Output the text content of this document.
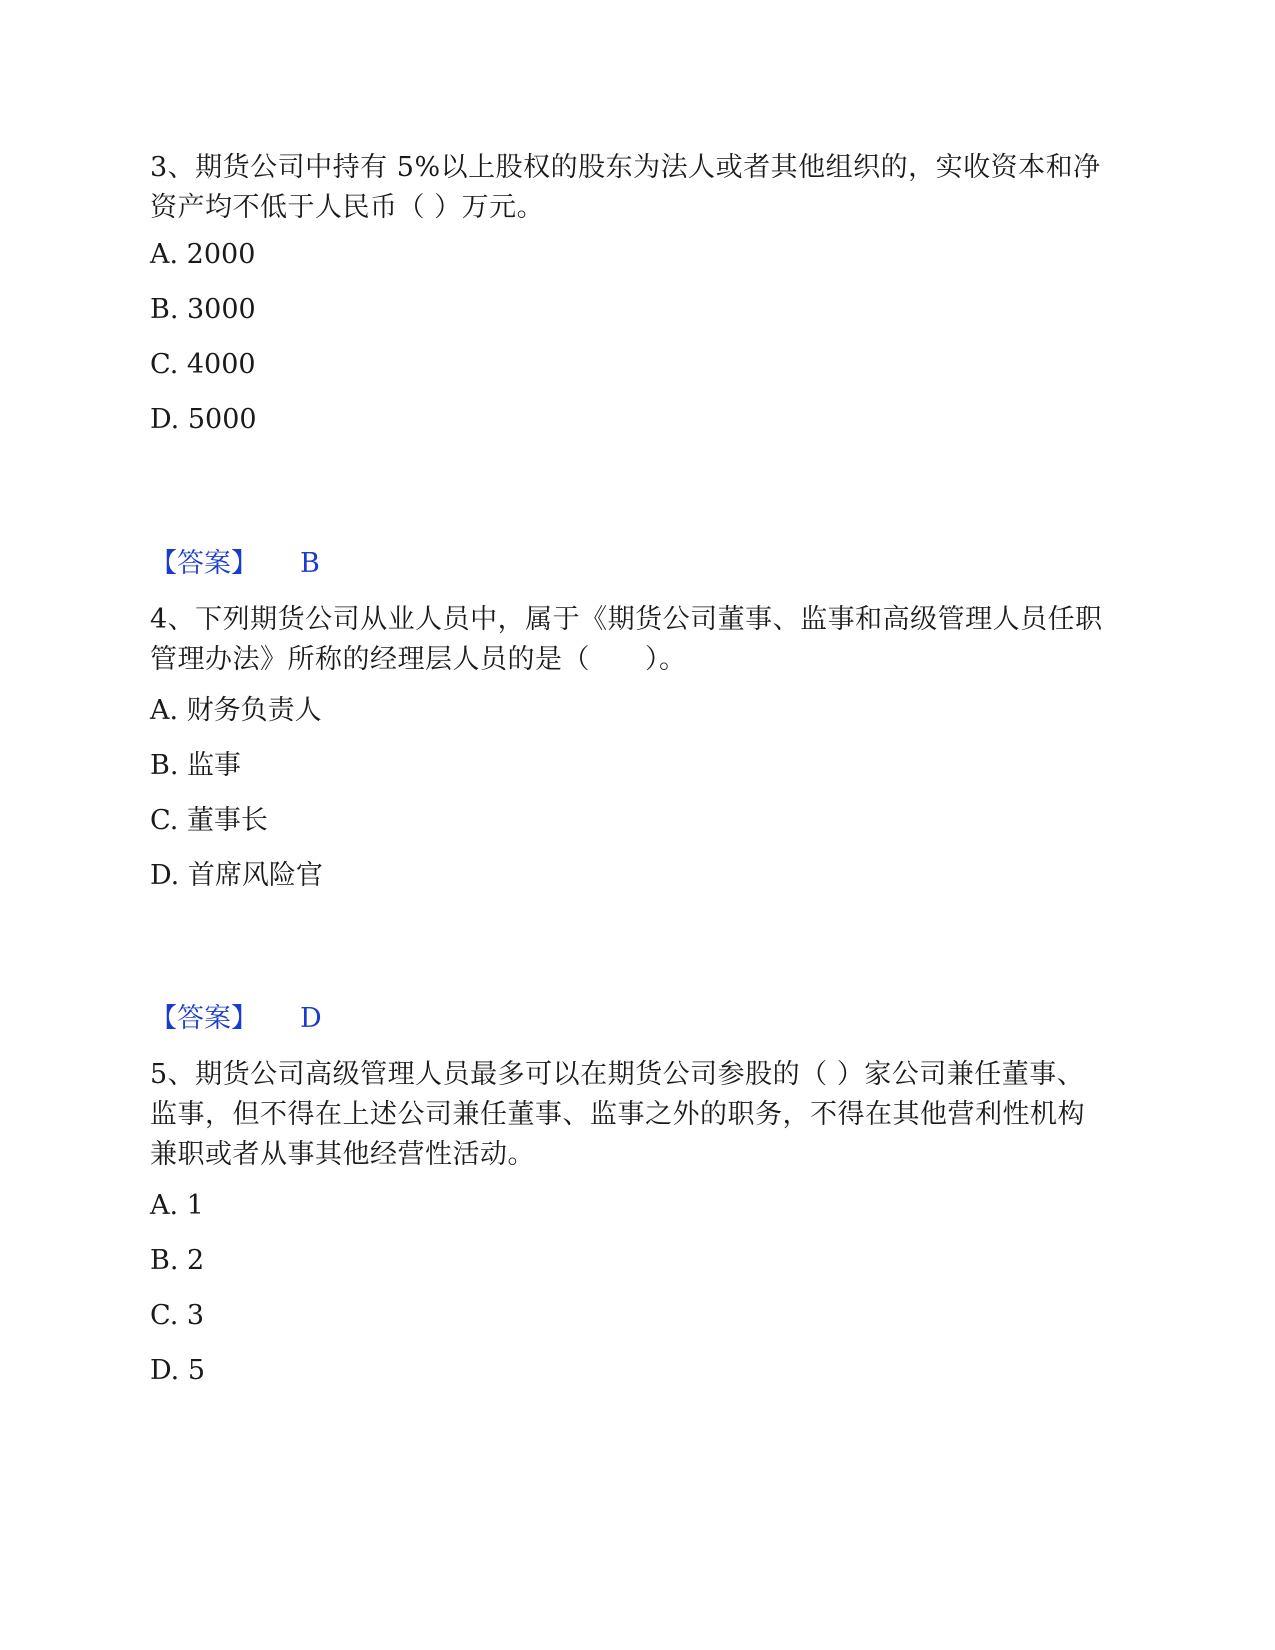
3、期货公司中持有 5%以上股权的股东为法人或者其他组织的，实收资本和净资产均不低于人民币（ ）万元。

A. 2000

B. 3000

C. 4000

D. 5000

【答案】 B

4、下列期货公司从业人员中，属于《期货公司董事、监事和高级管理人员任职管理办法》所称的经理层人员的是（　　）。

A. 财务负责人

B. 监事

C. 董事长

D. 首席风险官

【答案】 D

5、期货公司高级管理人员最多可以在期货公司参股的（ ）家公司兼任董事、监事，但不得在上述公司兼任董事、监事之外的职务，不得在其他营利性机构兼职或者从事其他经营性活动。

A. 1

B. 2

C. 3

D. 5
